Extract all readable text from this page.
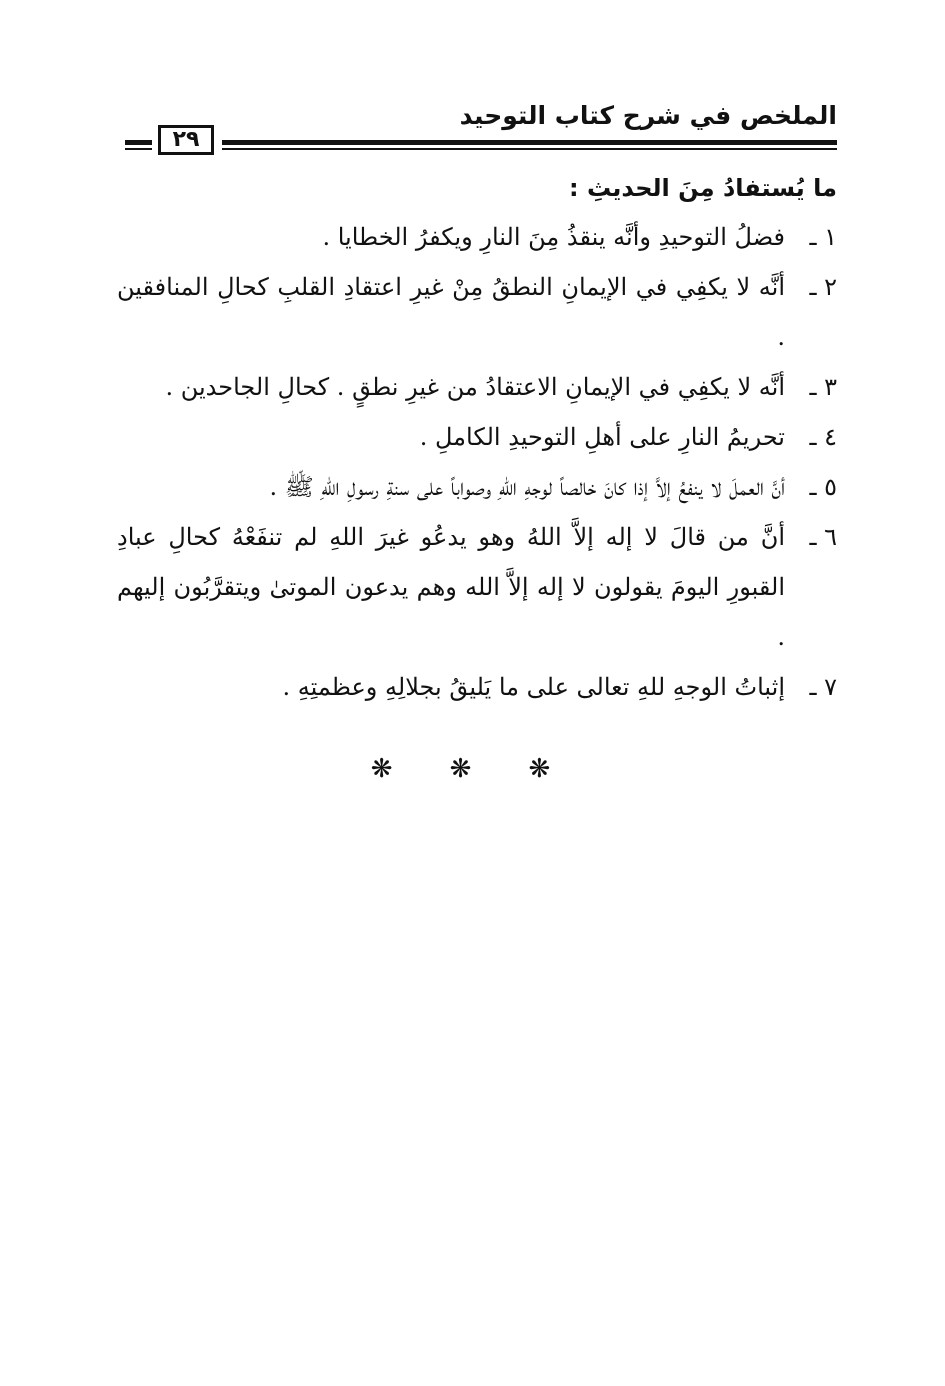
الملخص في شرح كتاب التوحيد
٢٩
ما يُستفادُ مِنَ الحديثِ :
١ ـ
فضلُ التوحيدِ وأنَّه ينقذُ مِنَ النارِ ويكفرُ الخطايا .
٢ ـ
أنَّه لا يكفِي في الإيمانِ النطقُ مِنْ غيرِ اعتقادِ القلبِ كحالِ المنافقين .
٣ ـ
أنَّه لا يكفِي في الإيمانِ الاعتقادُ من غيرِ نطقٍ . كحالِ الجاحدين .
٤ ـ
تحريمُ النارِ على أهلِ التوحيدِ الكاملِ .
٥ ـ
أنَّ العملَ لا ينفعُ إلاَّ إذا كانَ خالصاً لوجهِ اللهِ وصواباً على سنةِ رسولِ اللهِ ﷺ .
٦ ـ
أنَّ من قالَ لا إله إلاَّ اللهُ وهو يدعُو غيرَ اللهِ لم تنفَعْهُ كحالِ عبادِ القبورِ اليومَ يقولون لا إله إلاَّ الله وهم يدعون الموتىٰ ويتقرَّبُون إليهم .
٧ ـ
إثباتُ الوجهِ للهِ تعالى على ما يَليقُ بجلالِهِ وعظمتِهِ .
❋ ❋ ❋
